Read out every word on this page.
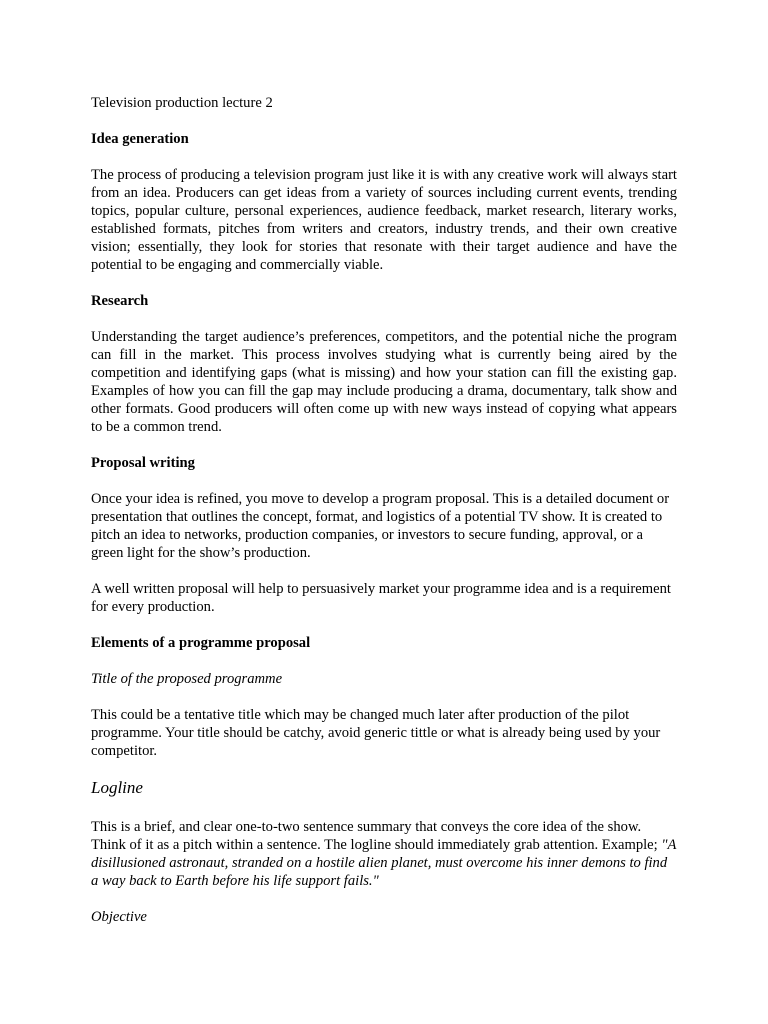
Television production lecture 2

Idea generation

The process of producing a television program just like it is with any creative work will always start from an idea. Producers can get ideas from a variety of sources including current events, trending topics, popular culture, personal experiences, audience feedback, market research, literary works, established formats, pitches from writers and creators, industry trends, and their own creative vision; essentially, they look for stories that resonate with their target audience and have the potential to be engaging and commercially viable.

Research

Understanding the target audience’s preferences, competitors, and the potential niche the program can fill in the market. This process involves studying what is currently being aired by the competition and identifying gaps (what is missing) and how your station can fill the existing gap. Examples of how you can fill the gap may include producing a drama, documentary, talk show and other formats. Good producers will often come up with new ways instead of copying what appears to be a common trend.

Proposal writing

Once your idea is refined, you move to develop a program proposal. This is a detailed document or presentation that outlines the concept, format, and logistics of a potential TV show. It is created to pitch an idea to networks, production companies, or investors to secure funding, approval, or a green light for the show’s production.

A well written proposal will help to persuasively market your programme idea and is a requirement for every production.

Elements of a programme proposal

Title of the proposed programme

This could be a tentative title which may be changed much later after production of the pilot programme. Your title should be catchy, avoid generic tittle or what is already being used by your competitor.

Logline

This is a brief, and clear one-to-two sentence summary that conveys the core idea of the show. Think of it as a pitch within a sentence. The logline should immediately grab attention. Example; "A disillusioned astronaut, stranded on a hostile alien planet, must overcome his inner demons to find a way back to Earth before his life support fails."

Objective
